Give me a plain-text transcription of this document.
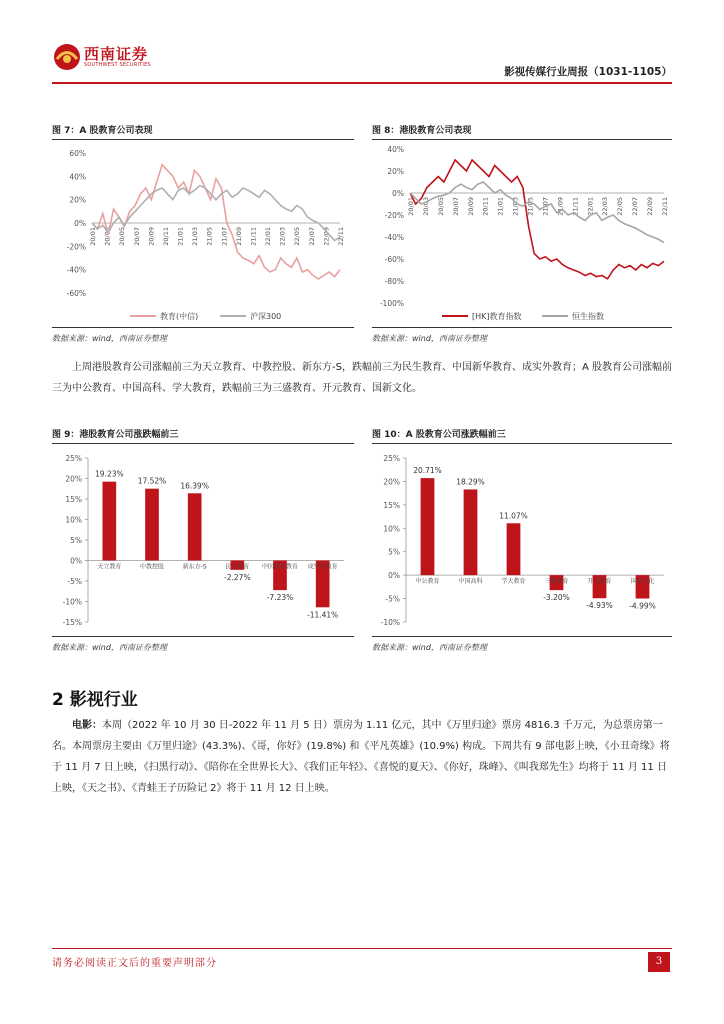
西南证券
SOUTHWEST SECURITIES
影视传媒行业周报（1031-1105）
图 7：A 股教育公司表现
60%
40%
20%
0%
-20%
-40%
-60%
20/01 20/03 20/05 20/07 20/09 20/11 21/01 21/03 21/05 21/07 21/09 21/11 22/01 22/03 22/05 22/07 22/09 22/11
教育(中信)	沪深300
数据来源：wind，西南证券整理
图 8：港股教育公司表现
40%
20%
0%
-20%
-40%
-60%
-80%
-100%
20/01 20/03 20/05 20/07 20/09 20/11 21/01 21/03 21/05 21/07 21/09 21/11 22/01 22/03 22/05 22/07 22/09 22/11
[HK]教育指数	恒生指数
数据来源：wind，西南证券整理

上周港股教育公司涨幅前三为天立教育、中教控股、新东方-S，跌幅前三为民生教育、中国新华教育、成实外教育；A 股教育公司涨幅前三为中公教育、中国高科、学大教育，跌幅前三为三盛教育、开元教育、国新文化。

图 9：港股教育公司涨跌幅前三
25%
20%
15%
10%
5%
0%
-5%
-10%
-15%
19.23%
天立教育
17.52%
中教控股
16.39%
新东方-S
-2.27%
民生教育
-7.23%
中国新华教育
-11.41%
成实外教育
数据来源：wind，西南证券整理
图 10：A 股教育公司涨跌幅前三
25%
20%
15%
10%
5%
0%
-5%
-10%
20.71%
中公教育
18.29%
中国高科
11.07%
学大教育
-3.20%
三盛教育
-4.93%
开元教育
-4.99%
国新文化
数据来源：wind，西南证券整理
2 影视行业

电影：本周（2022 年 10 月 30 日-2022 年 11 月 5 日）票房为 1.11 亿元，其中《万里归途》票房 4816.3 千万元，为总票房第一名。本周票房主要由《万里归途》(43.3%)、《哥，你好》(19.8%) 和《平凡英雄》(10.9%) 构成。下周共有 9 部电影上映，《小丑奇缘》将于 11 月 7 日上映，《扫黑行动》、《陪你在全世界长大》、《我们正年轻》、《喜悦的夏天》、《你好，珠峰》、《叫我郑先生》均将于 11 月 11 日上映，《天之书》、《青蛙王子历险记 2》将于 11 月 12 日上映。

请务必阅读正文后的重要声明部分	3
